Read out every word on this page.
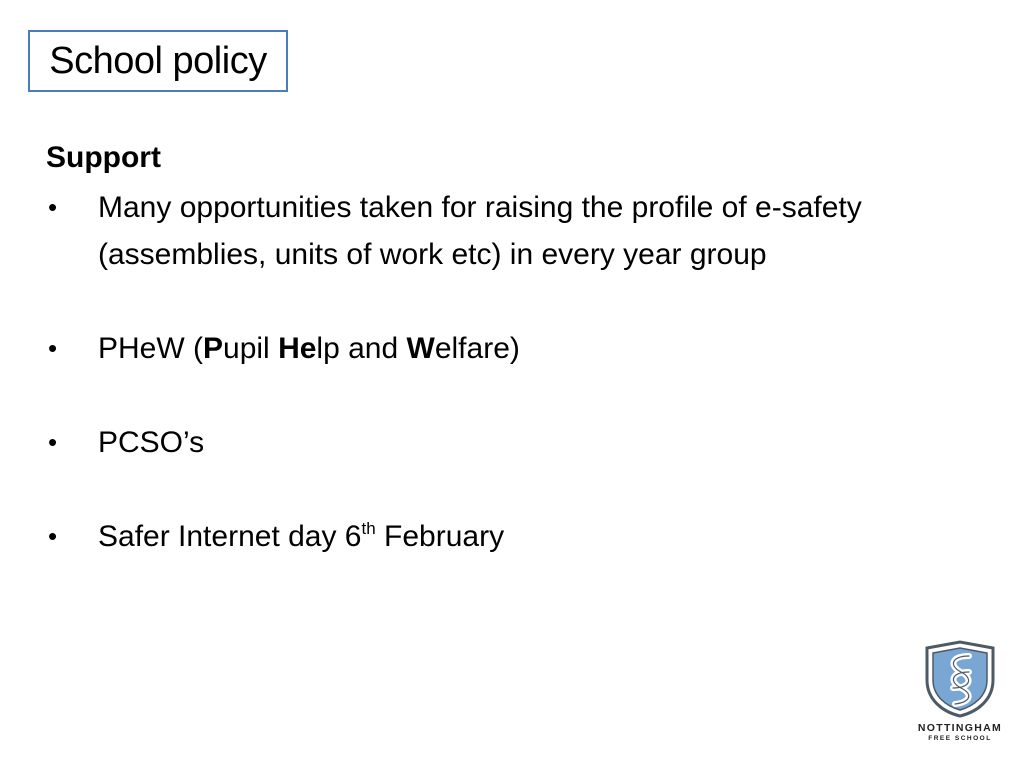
School policy

Support

•	Many opportunities taken for raising the profile of e-safety (assemblies, units of work etc) in every year group
•	PHeW (Pupil Help and Welfare)
•	PCSO’s
•	Safer Internet day 6th February
NOTTINGHAM
FREE SCHOOL
